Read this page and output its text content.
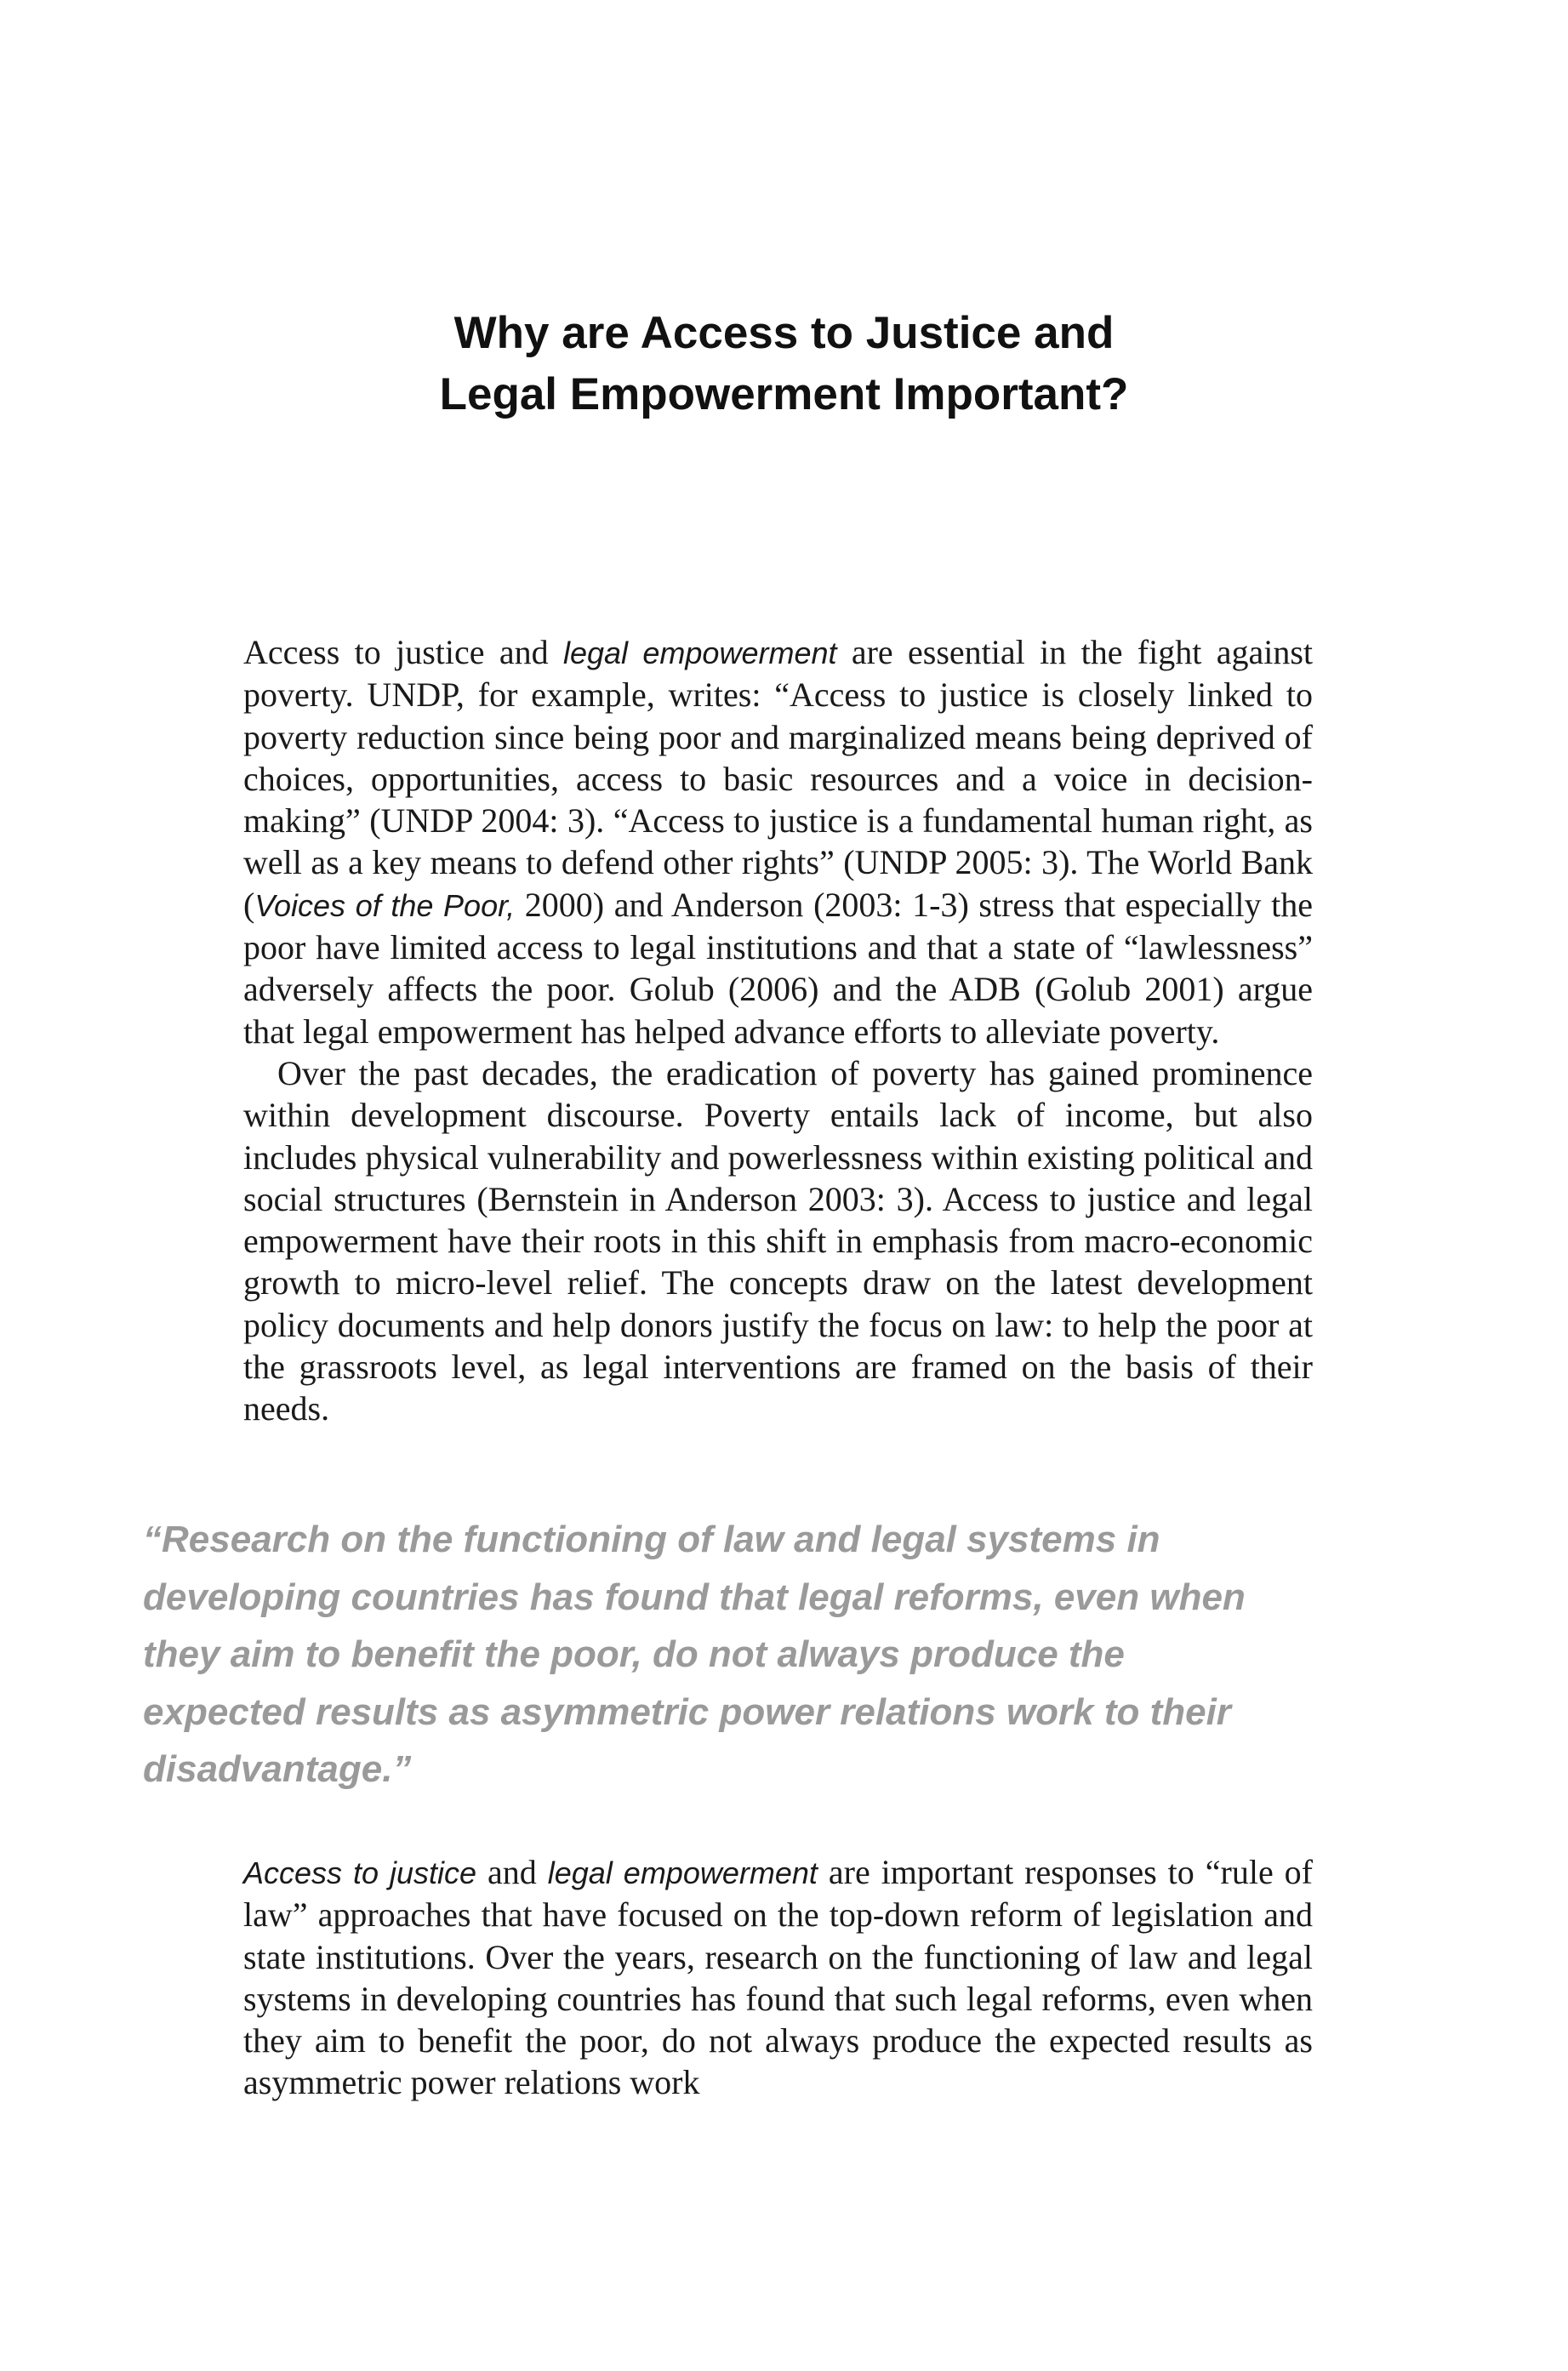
Why are Access to Justice and
Legal Empowerment Important?

Access to justice and legal empowerment are essential in the fight against poverty. UNDP, for example, writes: “Access to justice is closely linked to poverty reduction since being poor and marginalized means being deprived of choices, opportunities, access to basic resources and a voice in decision-making” (UNDP 2004: 3). “Access to justice is a fundamental human right, as well as a key means to defend other rights” (UNDP 2005: 3). The World Bank (Voices of the Poor, 2000) and Anderson (2003: 1-3) stress that especially the poor have limited access to legal institutions and that a state of “lawlessness” adversely affects the poor. Golub (2006) and the ADB (Golub 2001) argue that legal empowerment has helped advance efforts to alleviate poverty.

Over the past decades, the eradication of poverty has gained prominence within development discourse. Poverty entails lack of income, but also includes physical vulnerability and powerlessness within existing political and social structures (Bernstein in Anderson 2003: 3). Access to justice and legal empowerment have their roots in this shift in emphasis from macro-economic growth to micro-level relief. The concepts draw on the latest development policy documents and help donors justify the focus on law: to help the poor at the grassroots level, as legal interventions are framed on the basis of their needs.

“Research on the functioning of law and legal systems in
developing countries has found that legal reforms, even when
they aim to benefit the poor, do not always produce the
expected results as asymmetric power relations work to their
disadvantage.”

Access to justice and legal empowerment are important responses to “rule of law” approaches that have focused on the top-down reform of legislation and state institutions. Over the years, research on the functioning of law and legal systems in developing countries has found that such legal reforms, even when they aim to benefit the poor, do not always produce the expected results as asymmetric power relations work
